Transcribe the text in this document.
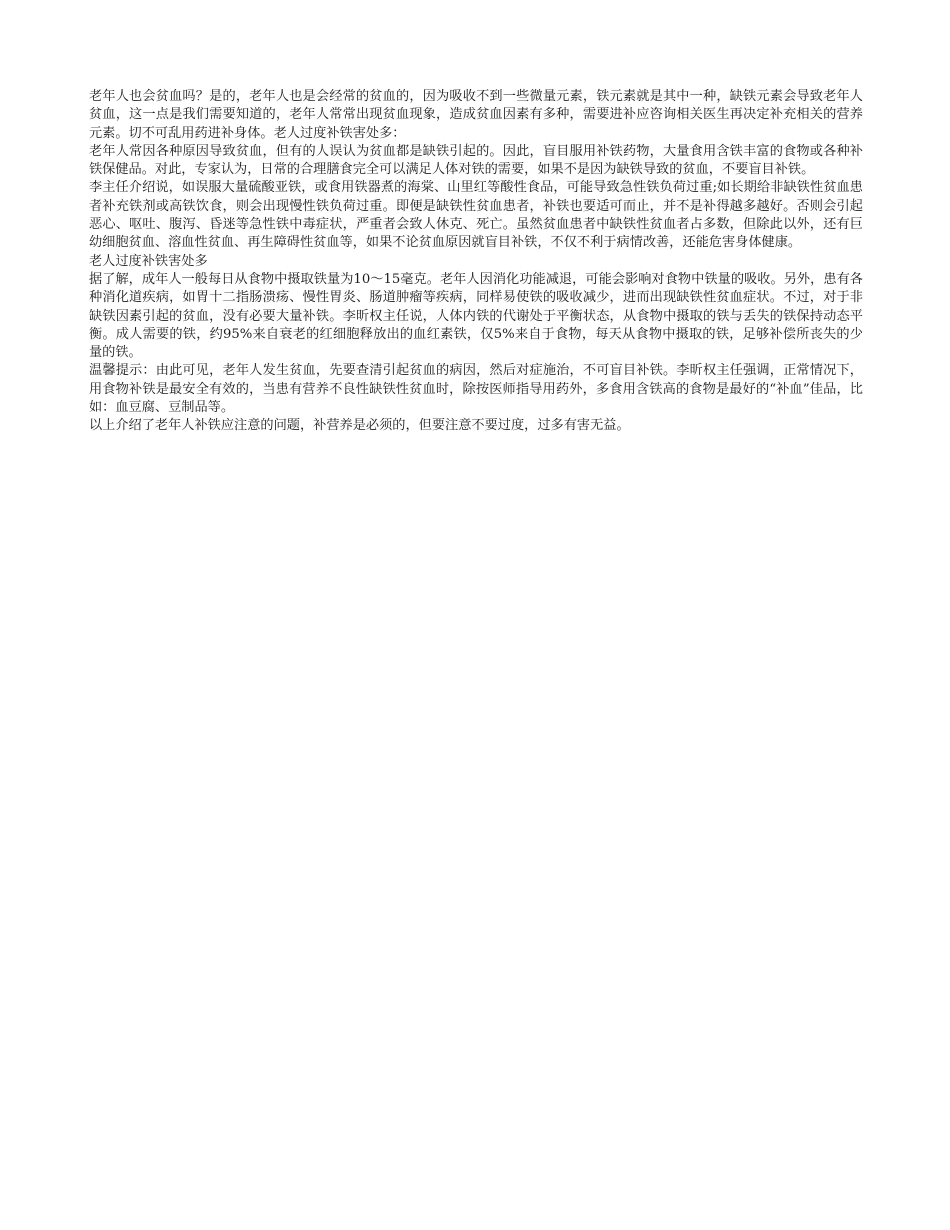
老年人也会贫血吗？是的，老年人也是会经常的贫血的，因为吸收不到一些微量元素，铁元素就是其中一种，缺铁元素会导致老年人贫血，这一点是我们需要知道的，老年人常常出现贫血现象，造成贫血因素有多种，需要进补应咨询相关医生再决定补充相关的营养元素。切不可乱用药进补身体。老人过度补铁害处多：

老年人常因各种原因导致贫血，但有的人误认为贫血都是缺铁引起的。因此，盲目服用补铁药物，大量食用含铁丰富的食物或各种补铁保健品。对此，专家认为，日常的合理膳食完全可以满足人体对铁的需要，如果不是因为缺铁导致的贫血，不要盲目补铁。

李主任介绍说，如误服大量硫酸亚铁，或食用铁器煮的海棠、山里红等酸性食品，可能导致急性铁负荷过重;如长期给非缺铁性贫血患者补充铁剂或高铁饮食，则会出现慢性铁负荷过重。即便是缺铁性贫血患者，补铁也要适可而止，并不是补得越多越好。否则会引起恶心、呕吐、腹泻、昏迷等急性铁中毒症状，严重者会致人休克、死亡。虽然贫血患者中缺铁性贫血者占多数，但除此以外，还有巨幼细胞贫血、溶血性贫血、再生障碍性贫血等，如果不论贫血原因就盲目补铁，不仅不利于病情改善，还能危害身体健康。

老人过度补铁害处多

据了解，成年人一般每日从食物中摄取铁量为10～15毫克。老年人因消化功能减退，可能会影响对食物中铁量的吸收。另外，患有各种消化道疾病，如胃十二指肠溃疡、慢性胃炎、肠道肿瘤等疾病，同样易使铁的吸收减少，进而出现缺铁性贫血症状。不过，对于非缺铁因素引起的贫血，没有必要大量补铁。李昕权主任说，人体内铁的代谢处于平衡状态，从食物中摄取的铁与丢失的铁保持动态平衡。成人需要的铁，约95%来自衰老的红细胞释放出的血红素铁，仅5%来自于食物，每天从食物中摄取的铁，足够补偿所丧失的少量的铁。

温馨提示：由此可见，老年人发生贫血，先要查清引起贫血的病因，然后对症施治，不可盲目补铁。李昕权主任强调，正常情况下，用食物补铁是最安全有效的，当患有营养不良性缺铁性贫血时，除按医师指导用药外，多食用含铁高的食物是最好的“补血”佳品，比如：血豆腐、豆制品等。

以上介绍了老年人补铁应注意的问题，补营养是必须的，但要注意不要过度，过多有害无益。
